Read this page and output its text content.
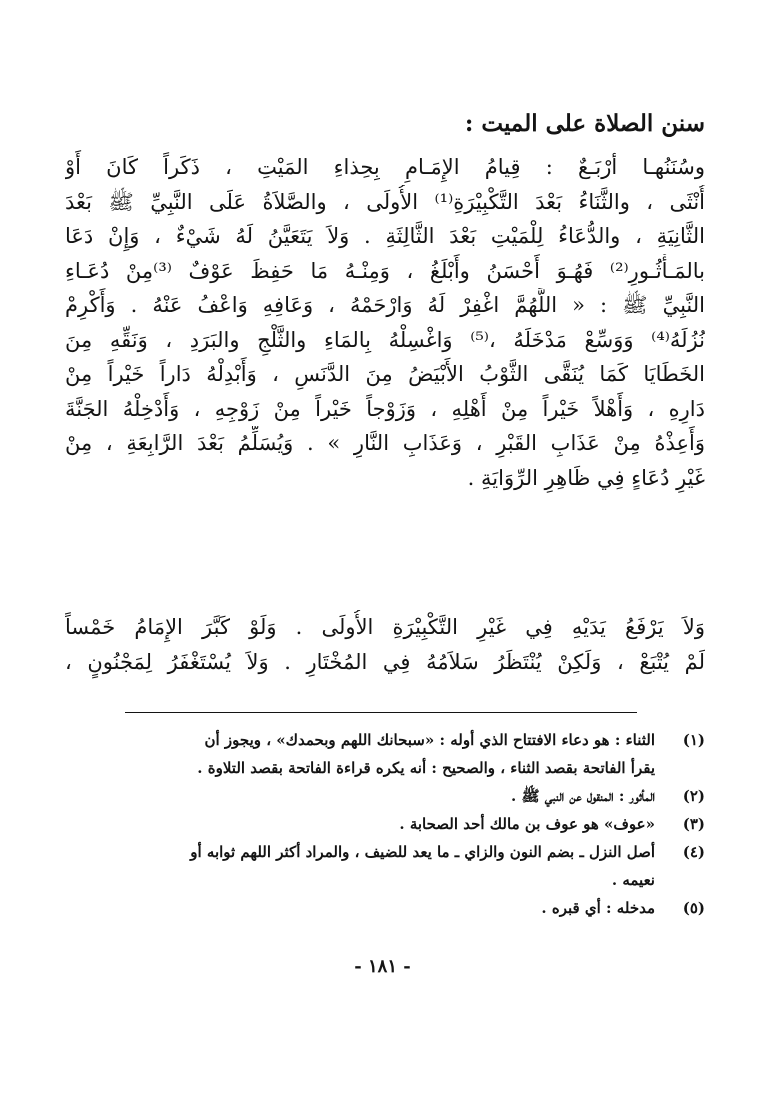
سنن الصلاة على الميت :
وسُنَنُهـا أرْبَـعٌ : قِيامُ الإِمَـامِ بِحِذاءِ المَيْتِ ، ذَكَراً كَانَ أَوْ
أُنْثَى ، والثَّنَاءُ بَعْدَ التَّكْبِيْرَةِ⁽¹⁾ الأُولَى ، والصَّلاَةُ عَلَى النَّبِيِّ ﷺ بَعْدَ
الثَّانِيَةِ ، والدُّعَاءُ لِلْمَيْتِ بَعْدَ الثَّالِثَةِ . وَلاَ يَتَعَيَّنُ لَهُ شَيْءٌ ، وَإِنْ دَعَا
بالمَـأْثُـورِ⁽²⁾ فَهُـوَ أَحْسَنُ وأَبْلَغُ ، وَمِنْـهُ مَا حَفِظَ عَوْفٌ ⁽³⁾مِنْ دُعَـاءِ
النَّبِيِّ ﷺ : « اللَّهُمَّ اغْفِرْ لَهُ وَارْحَمْهُ ، وَعَافِهِ وَاعْفُ عَنْهُ . وَأَكْرِمْ
نُزُلَهُ⁽⁴⁾ وَوَسِّعْ مَدْخَلَهُ ،⁽⁵⁾ وَاغْسِلْهُ بِالمَاءِ والثَّلْجِ والبَرَدِ ، وَنَقِّهِ مِنَ
الخَطَايَا كَمَا يُنَقَّى الثَّوْبُ الأَبْيَضُ مِنَ الدَّنَسِ ، وَأَبْدِلْهُ دَاراً خَيْراً مِنْ
دَارِهِ ، وَأَهْلاً خَيْراً مِنْ أَهْلِهِ ، وَزَوْجاً خَيْراً مِنْ زَوْجِهِ ، وَأَدْخِلْهُ الجَنَّةَ
وَأَعِذْهُ مِنْ عَذَابِ القَبْرِ ، وَعَذَابِ النَّارِ » . وَيُسَلِّمُ بَعْدَ الرَّابِعَةِ ، مِنْ
غَيْرِ دُعَاءٍ فِي ظَاهِرِ الرِّوَايَةِ .
وَلاَ يَرْفَعُ يَدَيْهِ فِي غَيْرِ التَّكْبِيْرَةِ الأُولَى . وَلَوْ كَبَّرَ الإِمَامُ خَمْساً
لَمْ يُتْبَعْ ، وَلَكِنْ يُنْتَظَرُ سَلاَمُهُ فِي المُخْتَارِ . وَلاَ يُسْتَغْفَرُ لِمَجْنُونٍ ،
(١)
الثناء : هو دعاء الافتتاح الذي أوله : «سبحانك اللهم وبحمدك» ، ويجوز أن
يقرأ الفاتحة بقصد الثناء ، والصحيح : أنه يكره قراءة الفاتحة بقصد التلاوة .
(٢)
المأثور : المنقول عن النبي ﷺ .
(٣)
«عوف» هو عوف بن مالك أحد الصحابة .
(٤)
أصل النزل ـ بضم النون والزاي ـ ما يعد للضيف ، والمراد أكثر اللهم ثوابه أو
نعيمه .
(٥)
مدخله : أي قبره .
- ١٨١ -
